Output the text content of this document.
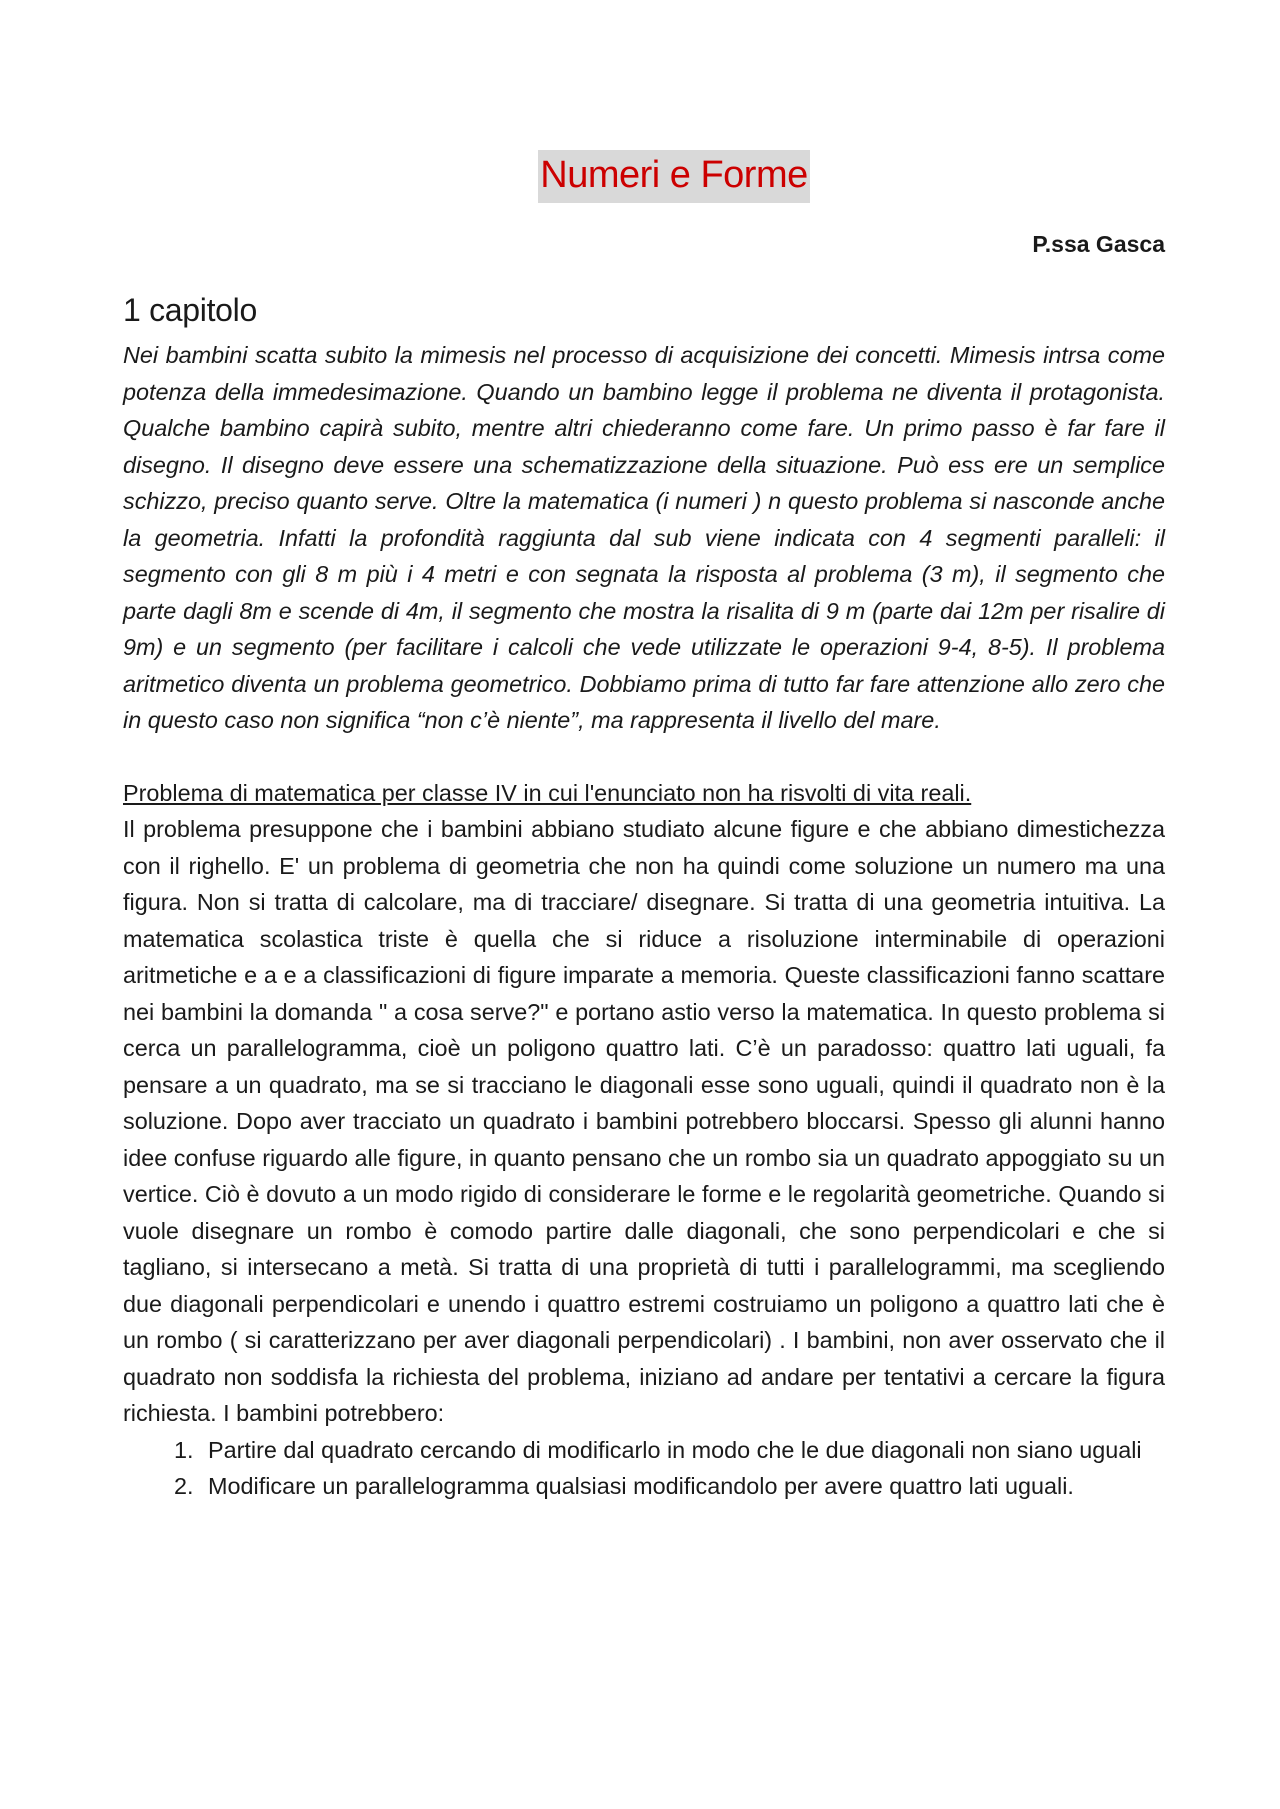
Numeri e Forme
P.ssa Gasca
1 capitolo

Nei bambini scatta subito la mimesis nel processo di acquisizione dei concetti. Mimesis intrsa come potenza della immedesimazione. Quando un bambino legge il problema ne diventa il protagonista. Qualche bambino capirà subito, mentre altri chiederanno come fare. Un primo passo è far fare il disegno. Il disegno deve essere una schematizzazione della situazione. Può ess ere un semplice schizzo, preciso quanto serve. Oltre la matematica (i numeri ) n questo problema si nasconde anche la geometria. Infatti la profondità raggiunta dal sub viene indicata con 4 segmenti paralleli: il segmento con gli 8 m più i 4 metri e con segnata la risposta al problema (3 m), il segmento che parte dagli 8m e scende di 4m, il segmento che mostra la risalita di 9 m (parte dai 12m per risalire di 9m) e un segmento (per facilitare i calcoli che vede utilizzate le operazioni 9-4, 8-5). Il problema aritmetico diventa un problema geometrico. Dobbiamo prima di tutto far fare attenzione allo zero che in questo caso non significa “non c’è niente”, ma rappresenta il livello del mare.

Problema di matematica per classe IV in cui l'enunciato non ha risvolti di vita reali.

Il problema presuppone che i bambini abbiano studiato alcune figure e che abbiano dimestichezza con il righello. E' un problema di geometria che non ha quindi come soluzione un numero ma una figura. Non si tratta di calcolare, ma di tracciare/ disegnare. Si tratta di una geometria intuitiva. La matematica scolastica triste è quella che si riduce a risoluzione interminabile di operazioni aritmetiche e a e a classificazioni di figure imparate a memoria. Queste classificazioni fanno scattare nei bambini la domanda " a cosa serve?" e portano astio verso la matematica. In questo problema si cerca un parallelogramma, cioè un poligono quattro lati. C’è un paradosso: quattro lati uguali, fa pensare a un quadrato, ma se si tracciano le diagonali esse sono uguali, quindi il quadrato non è la soluzione. Dopo aver tracciato un quadrato i bambini potrebbero bloccarsi. Spesso gli alunni hanno idee confuse riguardo alle figure, in quanto pensano che un rombo sia un quadrato appoggiato su un vertice. Ciò è dovuto a un modo rigido di considerare le forme e le regolarità geometriche. Quando si vuole disegnare un rombo è comodo partire dalle diagonali, che sono perpendicolari e che si tagliano, si intersecano a metà. Si tratta di una proprietà di tutti i parallelogrammi, ma scegliendo due diagonali perpendicolari e unendo i quattro estremi costruiamo un poligono a quattro lati che è un rombo ( si caratterizzano per aver diagonali perpendicolari) . I bambini, non aver osservato che il quadrato non soddisfa la richiesta del problema, iniziano ad andare per tentativi a cercare la figura richiesta. I bambini potrebbero:

1. Partire dal quadrato cercando di modificarlo in modo che le due diagonali non siano uguali
2. Modificare un parallelogramma qualsiasi modificandolo per avere quattro lati uguali.
